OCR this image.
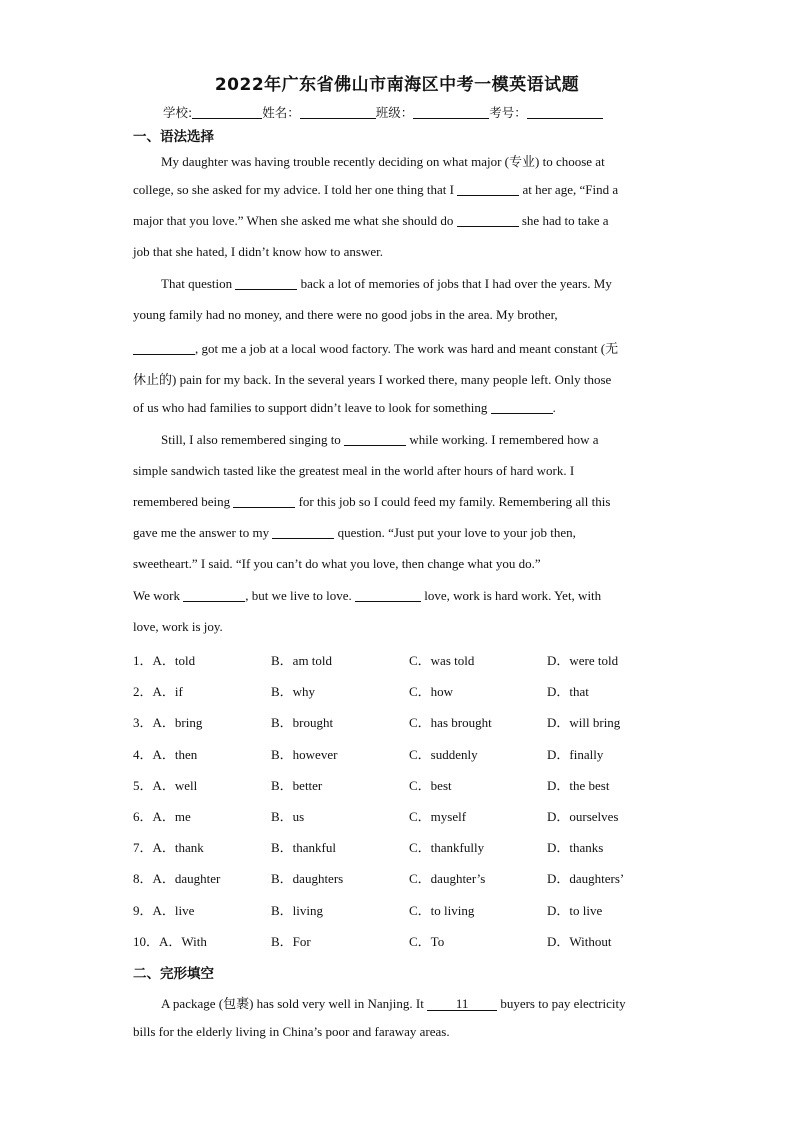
2022年广东省佛山市南海区中考一模英语试题
学校:	姓名：	班级：	考号：
一、语法选择
My daughter was having trouble recently deciding on what major (专业) to choose at
college, so she asked for my advice. I told her one thing that I	at her age, “Find a
major that you love.” When she asked me what she should do	she had to take a
job that she hated, I didn’t know how to answer.
That question	back a lot of memories of jobs that I had over the years. My
young family had no money, and there were no good jobs in the area. My brother,
, got me a job at a local wood factory. The work was hard and meant constant (无
休止的) pain for my back. In the several years I worked there, many people left. Only those
of us who had families to support didn’t leave to look for something	.
Still, I also remembered singing to	while working. I remembered how a
simple sandwich tasted like the greatest meal in the world after hours of hard work. I
remembered being	for this job so I could feed my family. Remembering all this
gave me the answer to my	question. “Just put your love to your job then,
sweetheart.” I said. “If you can’t do what you love, then change what you do.”
We work	, but we live to love.	love, work is hard work. Yet, with
love, work is joy.
1．A．told	B．am told	C．was told	D．were told
2．A．if	B．why	C．how	D．that
3．A．bring	B．brought	C．has brought	D．will bring
4．A．then	B．however	C．suddenly	D．finally
5．A．well	B．better	C．best	D．the best
6．A．me	B．us	C．myself	D．ourselves
7．A．thank	B．thankful	C．thankfully	D．thanks
8．A．daughter	B．daughters	C．daughter’s	D．daughters’
9．A．live	B．living	C．to living	D．to live
10．A．With	B．For	C．To	D．Without
二、完形填空
A package (包裹) has sold very well in Nanjing. It 11 buyers to pay electricity
bills for the elderly living in China’s poor and faraway areas.
